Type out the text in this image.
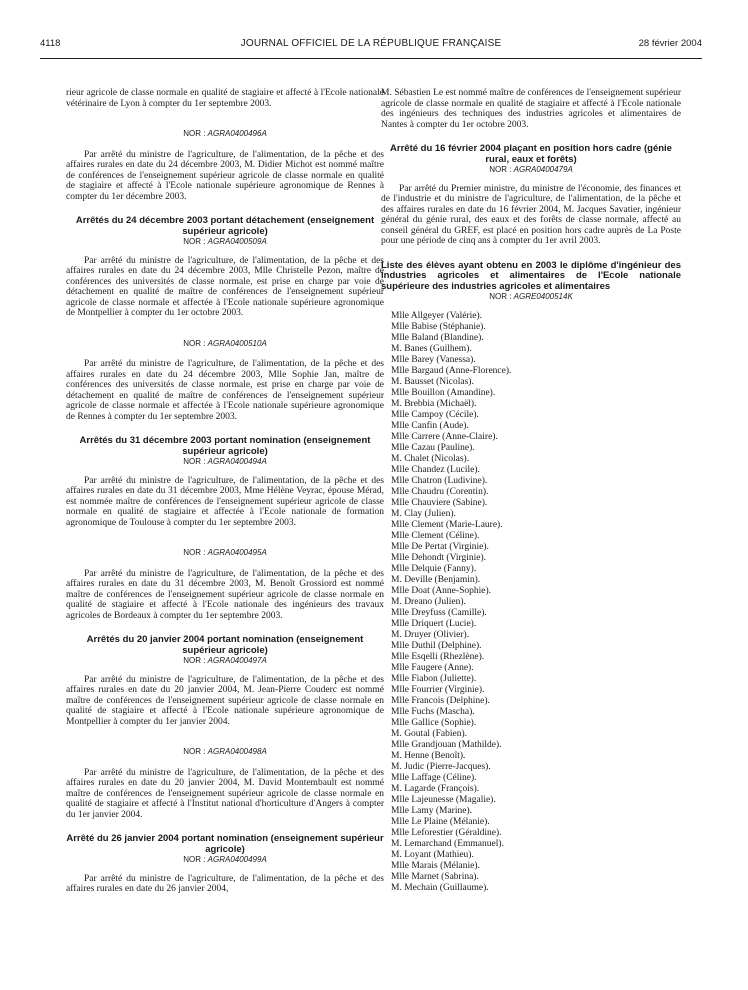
4118	JOURNAL OFFICIEL DE LA RÉPUBLIQUE FRANÇAISE	28 février 2004

rieur agricole de classe normale en qualité de stagiaire et affecté à l'Ecole nationale vétérinaire de Lyon à compter du 1er septembre 2003.

NOR : AGRA0400496A

Par arrêté du ministre de l'agriculture, de l'alimentation, de la pêche et des affaires rurales en date du 24 décembre 2003, M. Didier Michot est nommé maître de conférences de l'enseignement supérieur agricole de classe normale en qualité de stagiaire et affecté à l'Ecole nationale supérieure agronomique de Rennes à compter du 1er décembre 2003.

Arrêtés du 24 décembre 2003 portant détachement (enseignement supérieur agricole)

NOR : AGRA0400509A

Par arrêté du ministre de l'agriculture, de l'alimentation, de la pêche et des affaires rurales en date du 24 décembre 2003, Mlle Christelle Pezon, maître de conférences des universités de classe normale, est prise en charge par voie de détachement en qualité de maître de conférences de l'enseignement supérieur agricole de classe normale et affectée à l'Ecole nationale supérieure agronomique de Montpellier à compter du 1er octobre 2003.

NOR : AGRA0400510A

Par arrêté du ministre de l'agriculture, de l'alimentation, de la pêche et des affaires rurales en date du 24 décembre 2003, Mlle Sophie Jan, maître de conférences des universités de classe normale, est prise en charge par voie de détachement en qualité de maître de conférences de l'enseignement supérieur agricole de classe normale et affectée à l'Ecole nationale supérieure agronomique de Rennes à compter du 1er septembre 2003.

Arrêtés du 31 décembre 2003 portant nomination (enseignement supérieur agricole)

NOR : AGRA0400494A

Par arrêté du ministre de l'agriculture, de l'alimentation, de la pêche et des affaires rurales en date du 31 décembre 2003, Mme Hélène Veyrac, épouse Mérad, est nommée maître de conférences de l'enseignement supérieur agricole de classe normale en qualité de stagiaire et affectée à l'Ecole nationale de formation agronomique de Toulouse à compter du 1er septembre 2003.

NOR : AGRA0400495A

Par arrêté du ministre de l'agriculture, de l'alimentation, de la pêche et des affaires rurales en date du 31 décembre 2003, M. Benoît Grossiord est nommé maître de conférences de l'enseignement supérieur agricole de classe normale en qualité de stagiaire et affecté à l'Ecole nationale des ingénieurs des travaux agricoles de Bordeaux à compter du 1er septembre 2003.

Arrêtés du 20 janvier 2004 portant nomination (enseignement supérieur agricole)

NOR : AGRA0400497A

Par arrêté du ministre de l'agriculture, de l'alimentation, de la pêche et des affaires rurales en date du 20 janvier 2004, M. Jean-Pierre Couderc est nommé maître de conférences de l'enseignement supérieur agricole de classe normale en qualité de stagiaire et affecté à l'Ecole nationale supérieure agronomique de Montpellier à compter du 1er janvier 2004.

NOR : AGRA0400498A

Par arrêté du ministre de l'agriculture, de l'alimentation, de la pêche et des affaires rurales en date du 20 janvier 2004, M. David Montembault est nommé maître de conférences de l'enseignement supérieur agricole de classe normale en qualité de stagiaire et affecté à l'Institut national d'horticulture d'Angers à compter du 1er janvier 2004.

Arrêté du 26 janvier 2004 portant nomination (enseignement supérieur agricole)

NOR : AGRA0400499A

Par arrêté du ministre de l'agriculture, de l'alimentation, de la pêche et des affaires rurales en date du 26 janvier 2004,

M. Sébastien Le est nommé maître de conférences de l'enseignement supérieur agricole de classe normale en qualité de stagiaire et affecté à l'Ecole nationale des ingénieurs des techniques des industries agricoles et alimentaires de Nantes à compter du 1er octobre 2003.

Arrêté du 16 février 2004 plaçant en position hors cadre (génie rural, eaux et forêts)

NOR : AGRA0400479A

Par arrêté du Premier ministre, du ministre de l'économie, des finances et de l'industrie et du ministre de l'agriculture, de l'alimentation, de la pêche et des affaires rurales en date du 16 février 2004, M. Jacques Savatier, ingénieur général du génie rural, des eaux et des forêts de classe normale, affecté au conseil général du GREF, est placé en position hors cadre auprès de La Poste pour une période de cinq ans à compter du 1er avril 2003.

Liste des élèves ayant obtenu en 2003 le diplôme d'ingénieur des industries agricoles et alimentaires de l'Ecole nationale supérieure des industries agricoles et alimentaires

NOR : AGRE0400514K

Mlle Allgeyer (Valérie).
Mlle Babise (Stéphanie).
Mlle Baland (Blandine).
M. Banes (Guilhem).
Mlle Barey (Vanessa).
Mlle Bargaud (Anne-Florence).
M. Bausset (Nicolas).
Mlle Bouillon (Amandine).
M. Brebbia (Michaël).
Mlle Campoy (Cécile).
Mlle Canfin (Aude).
Mlle Carrere (Anne-Claire).
Mlle Cazau (Pauline).
M. Chalet (Nicolas).
Mlle Chandez (Lucile).
Mlle Chatron (Ludivine).
Mlle Chaudru (Corentin).
Mlle Chauviere (Sabine).
M. Clay (Julien).
Mlle Clement (Marie-Laure).
Mlle Clement (Céline).
Mlle De Pertat (Virginie).
Mlle Dehondt (Virginie).
Mlle Delquie (Fanny).
M. Deville (Benjamin).
Mlle Doat (Anne-Sophie).
M. Dreano (Julien).
Mlle Dreyfuss (Camille).
Mlle Driquert (Lucie).
M. Druyer (Olivier).
Mlle Duthil (Delphine).
Mlle Esqelli (Rhezlène).
Mlle Faugere (Anne).
Mlle Fiabon (Juliette).
Mlle Fourrier (Virginie).
Mlle Francois (Delphine).
Mlle Fuchs (Mascha).
Mlle Gallice (Sophie).
M. Goutal (Fabien).
Mlle Grandjouan (Mathilde).
M. Henne (Benoît).
M. Judic (Pierre-Jacques).
Mlle Laffage (Céline).
M. Lagarde (François).
Mlle Lajeunesse (Magalie).
Mlle Lamy (Marine).
Mlle Le Plaine (Mélanie).
Mlle Leforestier (Géraldine).
M. Lemarchand (Emmanuel).
M. Loyant (Mathieu).
Mlle Marais (Mélanie).
Mlle Marnet (Sabrina).
M. Mechain (Guillaume).
